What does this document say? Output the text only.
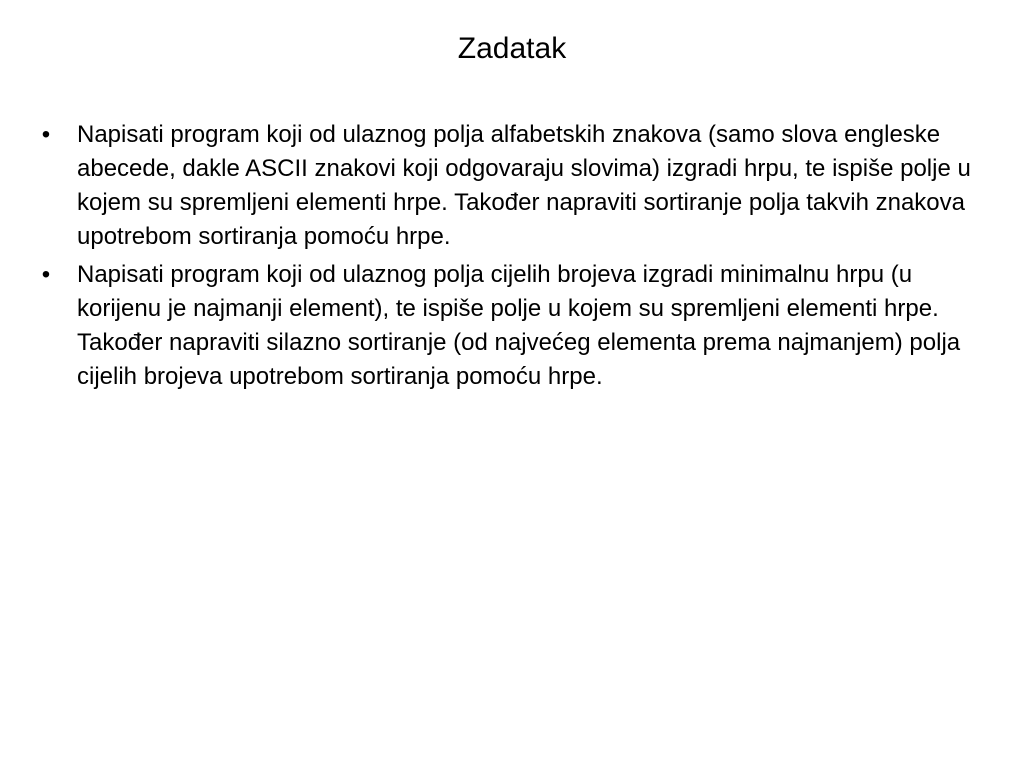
Zadatak
• Napisati program koji od ulaznog polja alfabetskih znakova (samo slova engleske abecede, dakle ASCII znakovi koji odgovaraju slovima) izgradi hrpu, te ispiše polje u kojem su spremljeni elementi hrpe. Također napraviti sortiranje polja takvih znakova upotrebom sortiranja pomoću hrpe.
• Napisati program koji od ulaznog polja cijelih brojeva izgradi minimalnu hrpu (u korijenu je najmanji element), te ispiše polje u kojem su spremljeni elementi hrpe. Također napraviti silazno sortiranje (od najvećeg elementa prema najmanjem) polja cijelih brojeva upotrebom sortiranja pomoću hrpe.
